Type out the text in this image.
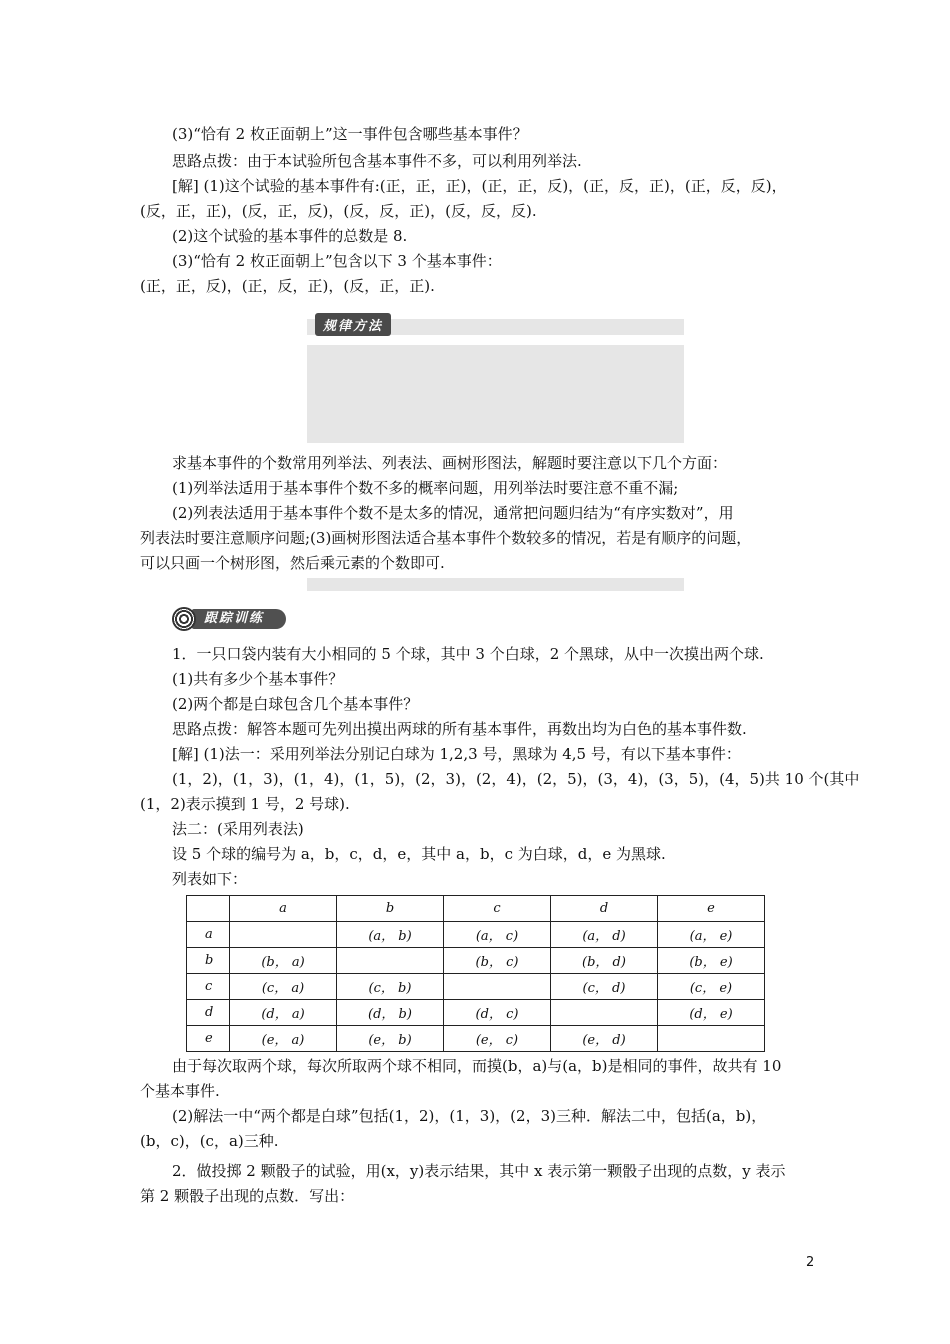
(3)“恰有 2 枚正面朝上”这一事件包含哪些基本事件？
思路点拨：由于本试验所包含基本事件不多，可以利用列举法.
[解] (1)这个试验的基本事件有:(正，正，正)，(正，正，反)，(正，反，正)，(正，反，反)，
(反，正，正)，(反，正，反)，(反，反，正)，(反，反，反).
(2)这个试验的基本事件的总数是 8.
(3)“恰有 2 枚正面朝上”包含以下 3 个基本事件：
(正，正，反)，(正，反，正)，(反，正，正).
规律方法
求基本事件的个数常用列举法、列表法、画树形图法，解题时要注意以下几个方面：
(1)列举法适用于基本事件个数不多的概率问题，用列举法时要注意不重不漏;
(2)列表法适用于基本事件个数不是太多的情况，通常把问题归结为“有序实数对”，用
列表法时要注意顺序问题;(3)画树形图法适合基本事件个数较多的情况，若是有顺序的问题，
可以只画一个树形图，然后乘元素的个数即可.
跟踪训练
1．一只口袋内装有大小相同的 5 个球，其中 3 个白球，2 个黑球，从中一次摸出两个球.
(1)共有多少个基本事件？
(2)两个都是白球包含几个基本事件？
思路点拨：解答本题可先列出摸出两球的所有基本事件，再数出均为白色的基本事件数.
[解] (1)法一：采用列举法分别记白球为 1,2,3 号，黑球为 4,5 号，有以下基本事件：
(1，2)，(1，3)，(1，4)，(1，5)，(2，3)，(2，4)，(2，5)，(3，4)，(3，5)，(4，5)共 10 个(其中
(1，2)表示摸到 1 号，2 号球).
法二：(采用列表法)
设 5 个球的编号为 a，b，c，d，e，其中 a，b，c 为白球，d，e 为黑球.
列表如下：
	a	b	c	d	e
a		(a， b)	(a， c)	(a， d)	(a， e)
b	(b， a)		(b， c)	(b， d)	(b， e)
c	(c， a)	(c， b)		(c， d)	(c， e)
d	(d， a)	(d， b)	(d， c)		(d， e)
e	(e， a)	(e， b)	(e， c)	(e， d)	
由于每次取两个球，每次所取两个球不相同，而摸(b，a)与(a，b)是相同的事件，故共有 10
个基本事件.
(2)解法一中“两个都是白球”包括(1，2)，(1，3)，(2，3)三种．解法二中，包括(a，b)，
(b，c)，(c，a)三种.
2．做投掷 2 颗骰子的试验，用(x，y)表示结果，其中 x 表示第一颗骰子出现的点数，y 表示
第 2 颗骰子出现的点数．写出：
2
